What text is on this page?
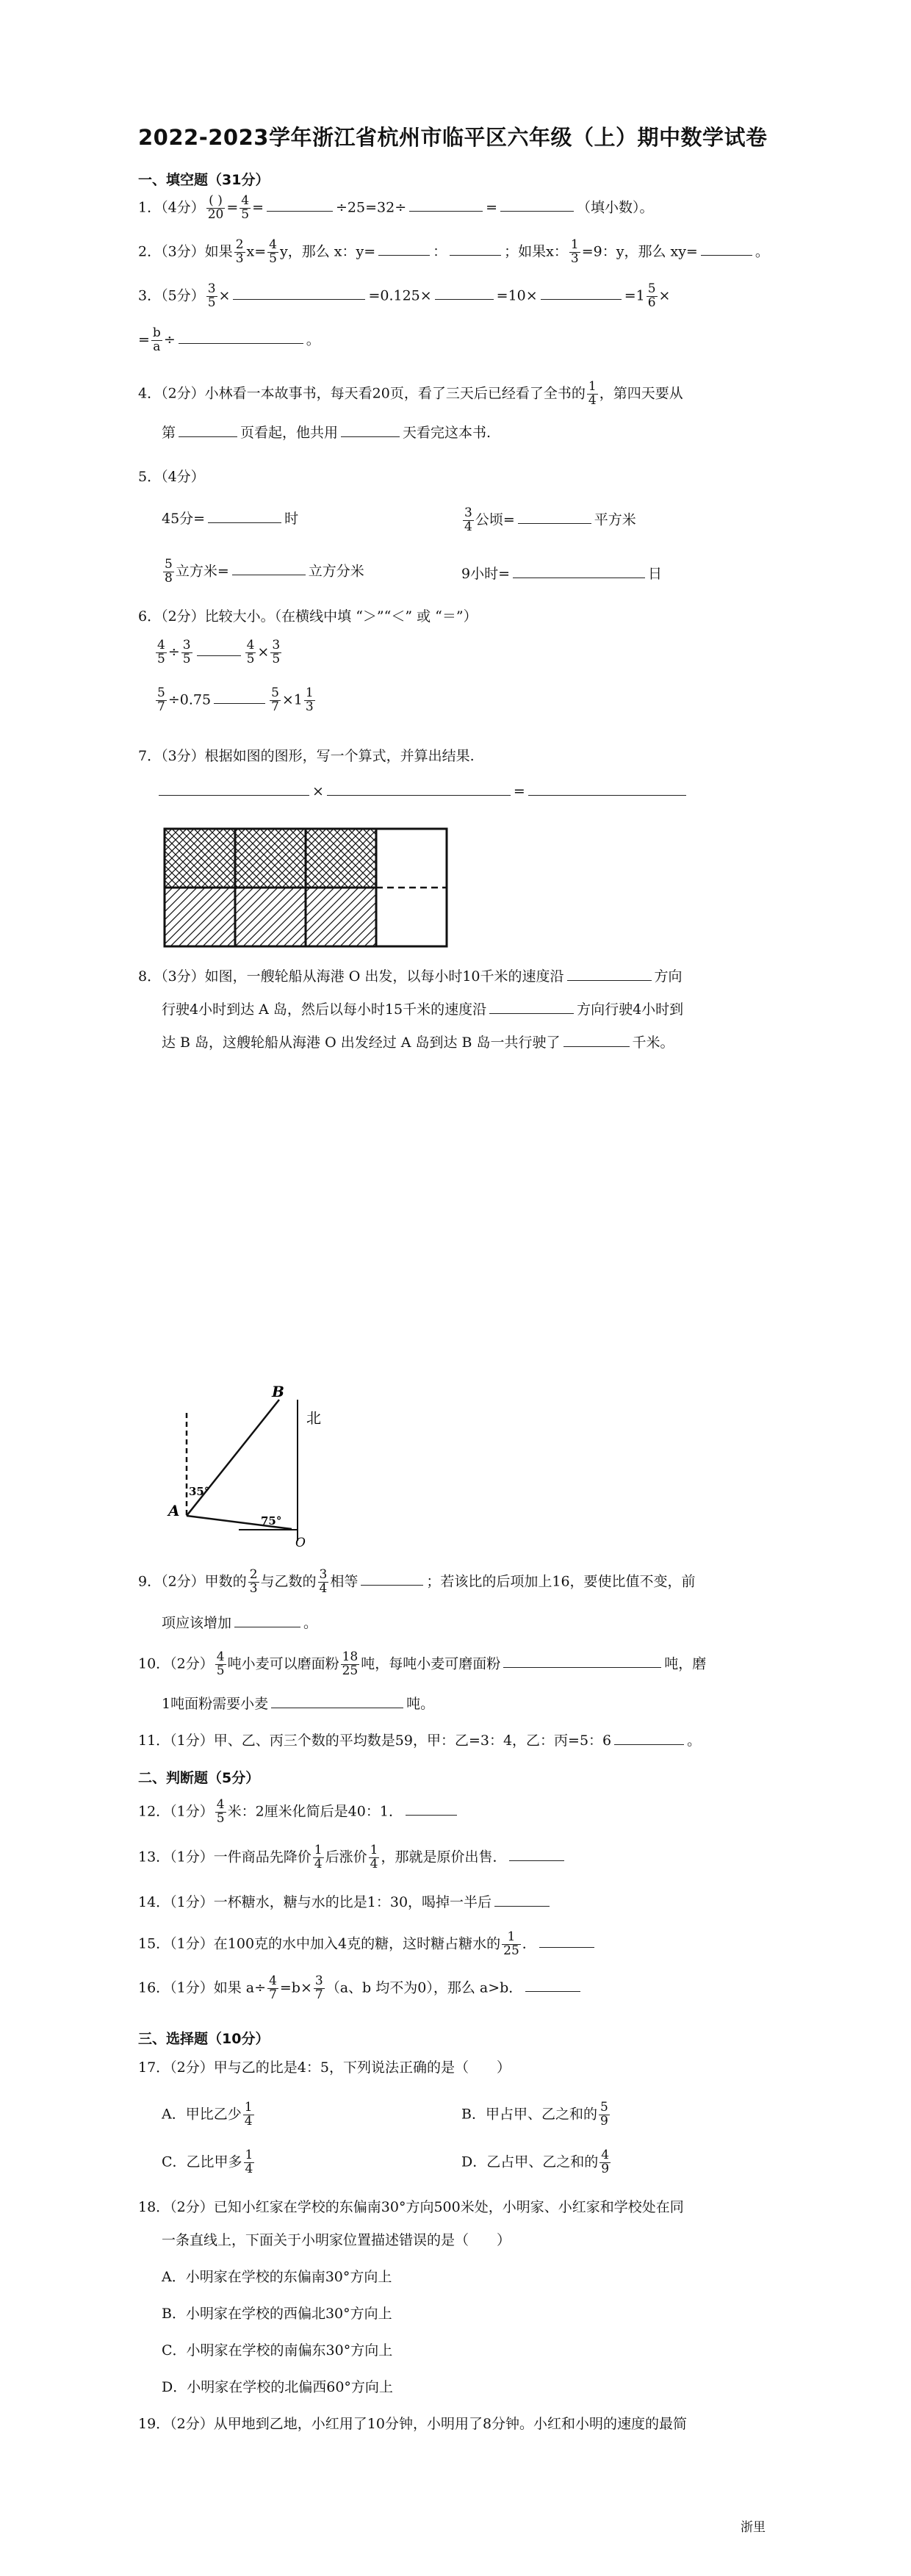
2022-2023学年浙江省杭州市临平区六年级（上）期中数学试卷
一、填空题（31分）
1．（4分） $\frac{( )}{20} = \frac{4}{5}$ =	÷25=32÷	=	（填小数）。
2．（3分）如果 $\frac{2}{3} x= \frac{4}{5}$ y，那么 x：y=	：	；如果x： $\frac{1}{3} =9$：y，那么 xy=	。
3．（5分） $\frac{3}{5}$ ×	=0.125×	=10×	$=1 \frac{5}{6}$ ×
= $\frac{b}{a}$ ÷	。
4．（2分）小林看一本故事书，每天看20页，看了三天后已经看了全书的 $\frac{1}{4}$ ，第四天要从
第	页看起，他共用	天看完这本书.
5．（4分）
45分=	时	$\frac{3}{4}$ 公顷=	平方米
$\frac{5}{8}$ 立方米=	立方分米	9小时=	日
6．（2分）比较大小。（在横线中填 “＞”“＜” 或 “＝”）
$\frac{4}{5} \div \frac{3}{5}$	$\frac{4}{5} \times \frac{3}{5}$
$\frac{5}{7} \div 0.75$	$\frac{5}{7} \times 1 \frac{1}{3}$
7．（3分）根据如图的图形，写一个算式，并算出结果.
×	=
8．（3分）如图，一艘轮船从海港 O 出发，以每小时10千米的速度沿	方向
行驶4小时到达 A 岛，然后以每小时15千米的速度沿	方向行驶4小时到
达 B 岛，这艘轮船从海港 O 出发经过 A 岛到达 B 岛一共行驶了	千米。
B
A
O
北
35°
75°
9．（2分）甲数的 $\frac{2}{3}$ 与乙数的 $\frac{3}{4}$ 相等	；若该比的后项加上16，要使比值不变，前
项应该增加	。
10．（2分） $\frac{4}{5}$ 吨小麦可以磨面粉 $\frac{18}{25}$ 吨，每吨小麦可磨面粉	吨，磨
1吨面粉需要小麦	吨。
11．（1分）甲、乙、丙三个数的平均数是59，甲：乙=3：4，乙：丙=5：6	。
二、判断题（5分）
12．（1分） $\frac{4}{5}$ 米：2厘米化简后是40：1．
13．（1分）一件商品先降价 $\frac{1}{4}$ 后涨价 $\frac{1}{4}$ ，那就是原价出售．
14．（1分）一杯糖水，糖与水的比是1：30，喝掉一半后
15．（1分）在100克的水中加入4克的糖，这时糖占糖水的 $\frac{1}{25}$ ．
16．（1分）如果 $a\div \frac{4}{7} =b\times \frac{3}{7} (a$、b 均不为0），那么 a>b．
三、选择题（10分）
17．（2分）甲与乙的比是4：5，下列说法正确的是（　　）
A．甲比乙少 $\frac{1}{4}$	B．甲占甲、乙之和的 $\frac{5}{9}$
C．乙比甲多 $\frac{1}{4}$	D．乙占甲、乙之和的 $\frac{4}{9}$
18．（2分）已知小红家在学校的东偏南30°方向500米处，小明家、小红家和学校处在同
一条直线上，下面关于小明家位置描述错误的是（　　）
A．小明家在学校的东偏南30°方向上
B．小明家在学校的西偏北30°方向上
C．小明家在学校的南偏东30°方向上
D．小明家在学校的北偏西60°方向上
19．（2分）从甲地到乙地，小红用了10分钟，小明用了8分钟。小红和小明的速度的最简
浙里
